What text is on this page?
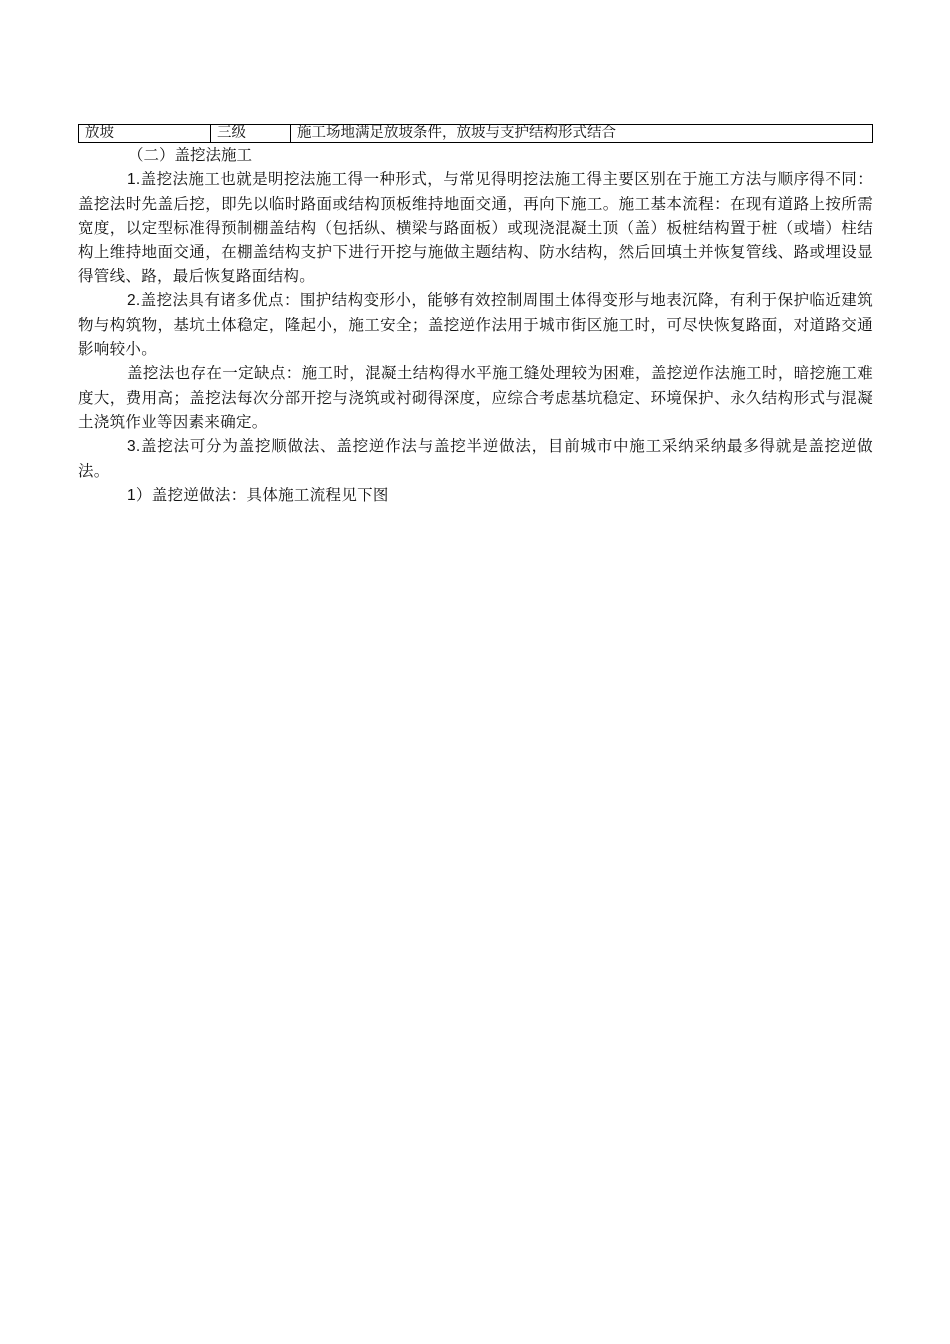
放坡	三级	施工场地满足放坡条件，放坡与支护结构形式结合

（二）盖挖法施工

1.盖挖法施工也就是明挖法施工得一种形式，与常见得明挖法施工得主要区别在于施工方法与顺序得不同：盖挖法时先盖后挖，即先以临时路面或结构顶板维持地面交通，再向下施工。施工基本流程：在现有道路上按所需宽度，以定型标准得预制棚盖结构（包括纵、横梁与路面板）或现浇混凝土顶（盖）板桩结构置于桩（或墙）柱结构上维持地面交通，在棚盖结构支护下进行开挖与施做主题结构、防水结构，然后回填土并恢复管线、路或埋设显得管线、路，最后恢复路面结构。

2.盖挖法具有诸多优点：围护结构变形小，能够有效控制周围土体得变形与地表沉降，有利于保护临近建筑物与构筑物，基坑土体稳定，隆起小，施工安全；盖挖逆作法用于城市街区施工时，可尽快恢复路面，对道路交通影响较小。

盖挖法也存在一定缺点：施工时，混凝土结构得水平施工缝处理较为困难，盖挖逆作法施工时，暗挖施工难度大，费用高；盖挖法每次分部开挖与浇筑或衬砌得深度，应综合考虑基坑稳定、环境保护、永久结构形式与混凝土浇筑作业等因素来确定。

3.盖挖法可分为盖挖顺做法、盖挖逆作法与盖挖半逆做法，目前城市中施工采纳采纳最多得就是盖挖逆做法。

1）盖挖逆做法：具体施工流程见下图
